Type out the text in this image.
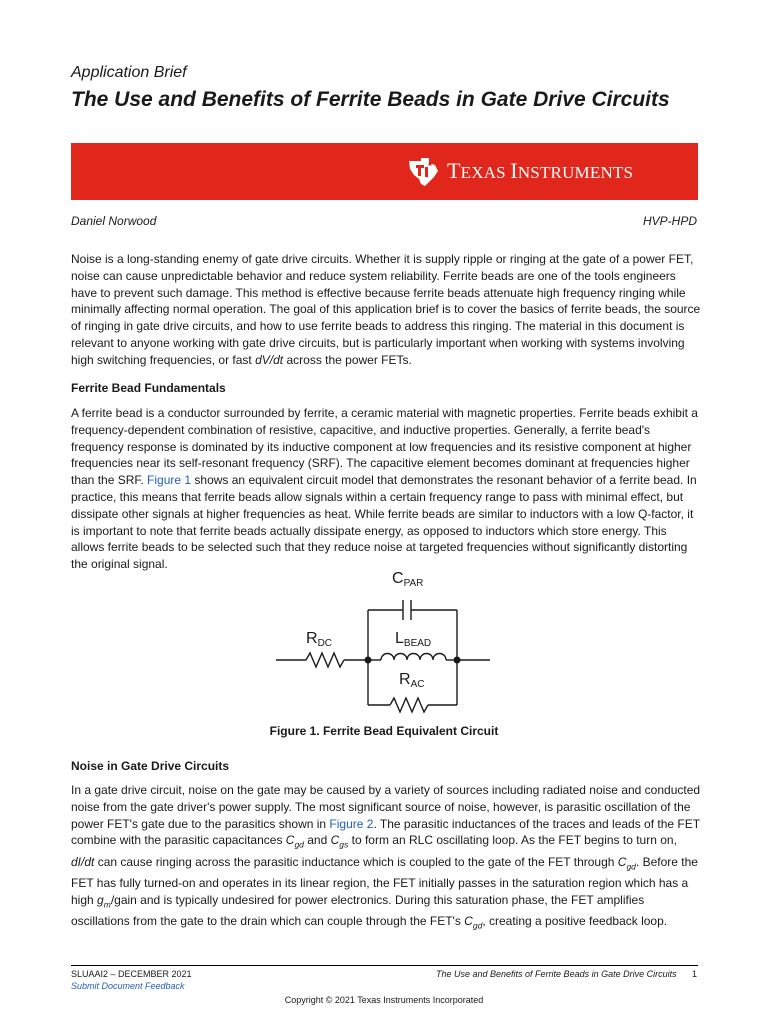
Application Brief
The Use and Benefits of Ferrite Beads in Gate Drive Circuits
TEXAS INSTRUMENTS
Daniel Norwood	HVP-HPD
Noise is a long-standing enemy of gate drive circuits. Whether it is supply ripple or ringing at the gate of a power FET, noise can cause unpredictable behavior and reduce system reliability. Ferrite beads are one of the tools engineers have to prevent such damage. This method is effective because ferrite beads attenuate high frequency ringing while minimally affecting normal operation. The goal of this application brief is to cover the basics of ferrite beads, the source of ringing in gate drive circuits, and how to use ferrite beads to address this ringing. The material in this document is relevant to anyone working with gate drive circuits, but is particularly important when working with systems involving high switching frequencies, or fast dV/dt across the power FETs.
Ferrite Bead Fundamentals
A ferrite bead is a conductor surrounded by ferrite, a ceramic material with magnetic properties. Ferrite beads exhibit a frequency-dependent combination of resistive, capacitive, and inductive properties. Generally, a ferrite bead's frequency response is dominated by its inductive component at low frequencies and its resistive component at higher frequencies near its self-resonant frequency (SRF). The capacitive element becomes dominant at frequencies higher than the SRF. Figure 1 shows an equivalent circuit model that demonstrates the resonant behavior of a ferrite bead. In practice, this means that ferrite beads allow signals within a certain frequency range to pass with minimal effect, but dissipate other signals at higher frequencies as heat. While ferrite beads are similar to inductors with a low Q-factor, it is important to note that ferrite beads actually dissipate energy, as opposed to inductors which store energy. This allows ferrite beads to be selected such that they reduce noise at targeted frequencies without significantly distorting the original signal.
CPAR
RDC	LBEAD
RAC
Figure 1. Ferrite Bead Equivalent Circuit
Noise in Gate Drive Circuits
In a gate drive circuit, noise on the gate may be caused by a variety of sources including radiated noise and conducted noise from the gate driver's power supply. The most significant source of noise, however, is parasitic oscillation of the power FET's gate due to the parasitics shown in Figure 2. The parasitic inductances of the traces and leads of the FET combine with the parasitic capacitances $C_{gd}$ and $C_{gs}$ to form an RLC oscillating loop. As the FET begins to turn on, dI/dt can cause ringing across the parasitic inductance which is coupled to the gate of the FET through $C_{gd}$. Before the FET has fully turned-on and operates in its linear region, the FET initially passes in the saturation region which has a high $g_m$/gain and is typically undesired for power electronics. During this saturation phase, the FET amplifies oscillations from the gate to the drain which can couple through the FET's $C_{gd}$, creating a positive feedback loop.
SLUAAI2 – DECEMBER 2021
Submit Document Feedback
The Use and Benefits of Ferrite Beads in Gate Drive Circuits 1
Copyright © 2021 Texas Instruments Incorporated
